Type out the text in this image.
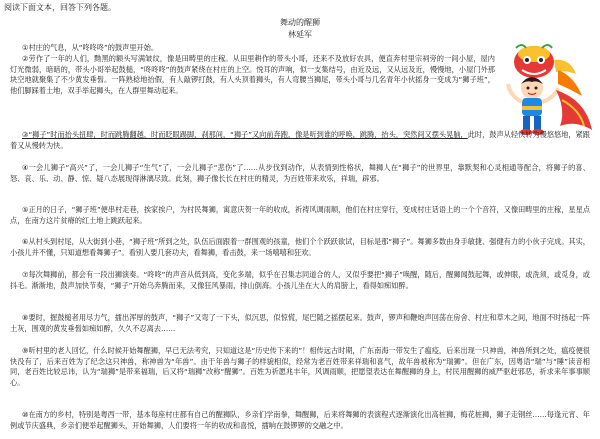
阅读下面文本，回答下列各题。
舞动的醒狮
林延军

①村庄的气息，从“咚咚咚”的鼓声里开始。

②劳作了一年的人们，黝黑的额头写满皱纹，像是田畴里的庄稼。从田里耕作的带头小哥，还来不及放好农具，便直奔村里宗祠旁的一间小屋，屋内灯光微弱，暗暗的，带头小哥举起鼓槌，“咚咚咚”的鼓声紧绕在村庄的上空。悦耳的声响，似一支集结号，由近及远，又从远及近，慢慢地，小屋门外那块空地就聚集了不少黄发垂髫。一阵熟稔地抬假，有人敲锣打鼓，有人头顶着狮头，有人弯腰当狮尾，带头小哥与几名青年小伙摇身一变成为“狮子班”，他们脚踩着土地，双手举起狮头，在人群里舞动起来。

③“狮子”时而抬头扭肆，时而跳腾翻越，时而眨眼踢脚，刹那间，“狮子”又向前奔跑，像是听到谁的呼唤，跳腾，抬头，突然间又摆头晃脑，此时，鼓声从轻快转为慢悠悠地，紧跟着又从慢转为快。

④一会儿狮子“高兴”了，一会儿狮子“生气”了，一会儿狮子“悲伤”了……从步伐到动作，从表情到性格状，舞狮人在“狮子”的世界里，靠默契和心灵相通等配合，将狮子的喜、怒、哀、乐、动、静、惊、疑八态展现得淋漓尽致。此刻，狮子像长长在村庄的精灵，为百姓带来欢乐，祥瑞，辟邪。

⑤正月的日子，“狮子班”便串村走巷，挨家挨户，为村民舞狮，寓意庆贺一年的收成，祈祷风调雨顺，他们在村庄穿行，变成村庄话语上的一个个音符，又像田畴里的庄稼，星星点点，在南方这片贫瘠的红土地上跳跃起来。

⑥从村头到村尾，从大街到小巷，“狮子班”所到之处，队伍后面跟着一群围观的孩童，他们个个跃跃欲试，目标是那“狮子”。舞狮多数由身手敏捷、强健有力的小伙子完成。其实，小孩儿并不懂，只知道想看舞狮子”。看别人要几套功夫，看舞狮，看击鼓，来一场嘻嘻和狂欢。

⑦每次舞狮前，都会有一段出狮演奏。“咚咚”的声音从低到高，变化多端，似乎在召集志同道合的人，又似乎要把“狮子”唤醒，随后，醒狮闻鼓起舞，或伸眼，或洗须，或觅身，或抖毛。渐渐地，鼓声加快节奏，“狮子”开始乌奔腾而来，又像狂风暴雨，排山倒海。小孩儿坐在大人的肩膀上，看得如痴如醉。

⑧要时，握鼓槌者用尽力气，擂出浑厚的鼓声，“狮子”又弯了一下头，似沉思，似惊慌，尾巴随之摇摆起来。鼓声，锣声和鞭炮声回荡在房舍、村庄和草木之间，地面不时扬起一阵土灰，围观的黄发垂髫如痴如醉，久久不忍离去……

⑨听村里的老人回忆，什么时候开始舞醒狮，早已无法考究，只知道这是“历史传下来的”！相传远古时期，广东南海一带发生了瘟疫，后来出现一只神兽，神兽所到之处，瘟疫便很快没有了，后来百姓为了纪念这只神兽，称神兽为“年兽”。由于年兽与狮子的样貌相似，经常为老百姓带来祥瑞和喜气，故年兽被称为“瑞狮”。但在广东，因粤语“瑞”与“睡”读音相同，老百姓比较忌讳，认为“瑞狮”是带来福瑞，后又将“瑞狮”改称“醒狮”。百姓为祈愿兆丰年，风调雨顺，把愿望表达在舞醒狮的身上，村民用醒狮的威严驱赶邪恶，祈求来年事事顺心。

⑩在南方的乡村，特别是粤西一带，基本每座村庄都有自己的醒狮队，乡亲们学南拳，舞醒狮，后来将舞狮的表演程式逐渐演化出高桩狮，梅花桩狮，狮子走钢丝……每逢元宵、年例或节庆盛典，乡亲们便举起醒狮头，开始舞狮，人们要将一年的收成和喜悦，擂响在鼓锣锣的交融之中。
